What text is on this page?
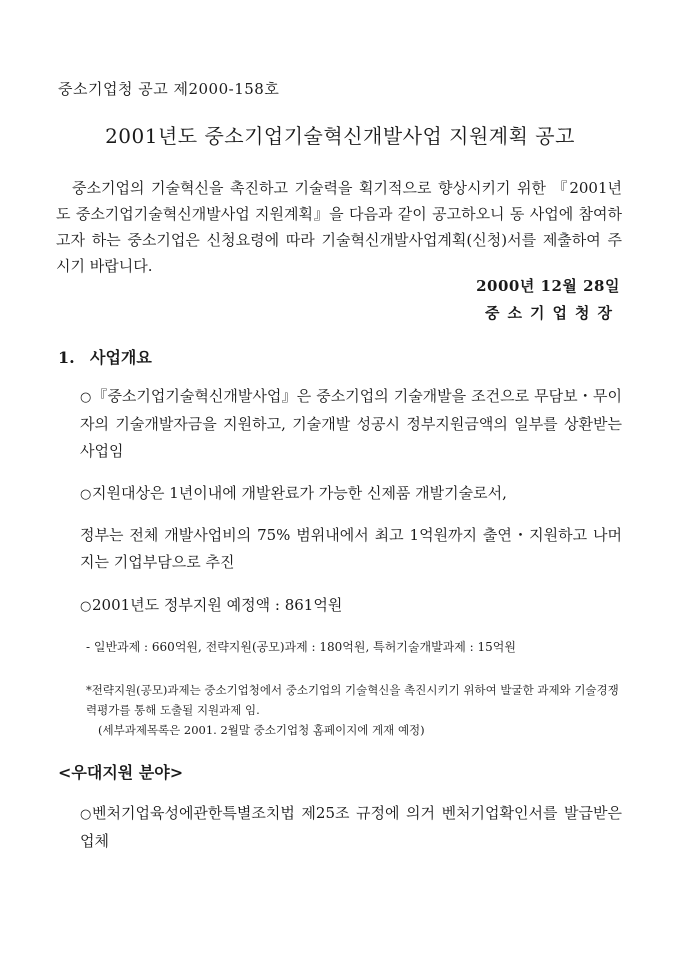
중소기업청 공고 제2000-158호
2001년도 중소기업기술혁신개발사업 지원계획 공고
중소기업의 기술혁신을 촉진하고 기술력을 획기적으로 향상시키기 위한 『2001년도 중소기업기술혁신개발사업 지원계획』을 다음과 같이 공고하오니 동 사업에 참여하고자 하는 중소기업은 신청요령에 따라 기술혁신개발사업계획(신청)서를 제출하여 주시기 바랍니다.
2000년 12월 28일
중소기업청장
1. 사업개요
○『중소기업기술혁신개발사업』은 중소기업의 기술개발을 조건으로 무담보・무이자의 기술개발자금을 지원하고, 기술개발 성공시 정부지원금액의 일부를 상환받는 사업임
○지원대상은 1년이내에 개발완료가 가능한 신제품 개발기술로서,
정부는 전체 개발사업비의 75% 범위내에서 최고 1억원까지 출연・지원하고 나머지는 기업부담으로 추진
○2001년도 정부지원 예정액 : 861억원
- 일반과제 : 660억원, 전략지원(공모)과제 : 180억원, 특허기술개발과제 : 15억원
*전략지원(공모)과제는 중소기업청에서 중소기업의 기술혁신을 촉진시키기 위하여 발굴한 과제와 기술경쟁력평가를 통해 도출될 지원과제 임.
(세부과제목록은 2001. 2월말 중소기업청 홈페이지에 게재 예정)
<우대지원 분야>
○벤처기업육성에관한특별조치법 제25조 규정에 의거 벤처기업확인서를 발급받은 업체
